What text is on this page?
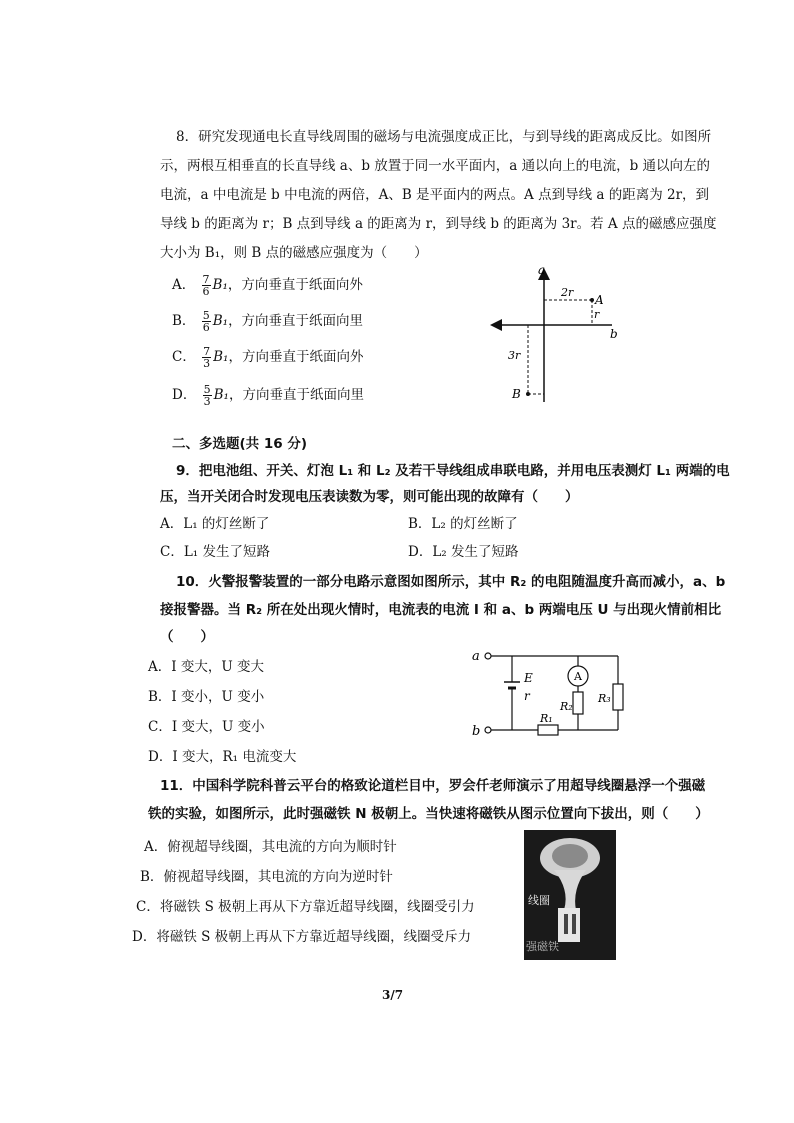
8．研究发现通电长直导线周围的磁场与电流强度成正比，与到导线的距离成反比。如图所
示，两根互相垂直的长直导线 a、b 放置于同一水平面内，a 通以向上的电流，b 通以向左的
电流，a 中电流是 b 中电流的两倍，A、B 是平面内的两点。A 点到导线 a 的距离为 2r，到
导线 b 的距离为 r；B 点到导线 a 的距离为 r，到导线 b 的距离为 3r。若 A 点的磁感应强度
大小为 B₁，则 B 点的磁感应强度为（　　）
A． $\frac{7}{6} B_1$，方向垂直于纸面向外
B． $\frac{5}{6} B_1$，方向垂直于纸面向里
C． $\frac{7}{3} B_1$，方向垂直于纸面向外
D． $\frac{5}{3} B_1$，方向垂直于纸面向里
a
b
A
B
2r
r
3r
二、多选题(共 16 分)
9．把电池组、开关、灯泡 L₁ 和 L₂ 及若干导线组成串联电路，并用电压表测灯 L₁ 两端的电
压，当开关闭合时发现电压表读数为零，则可能出现的故障有（　　）
A．L₁ 的灯丝断了	B．L₂ 的灯丝断了
C．L₁ 发生了短路	D．L₂ 发生了短路
10．火警报警装置的一部分电路示意图如图所示，其中 R₂ 的电阻随温度升高而减小，a、b
接报警器。当 R₂ 所在处出现火情时，电流表的电流 I 和 a、b 两端电压 U 与出现火情前相比
（　　）
A．I 变大，U 变大
B．I 变小，U 变小
C．I 变大，U 变小
D．I 变大，R₁ 电流变大
a
b
E
r
A
R₁
R₂
R₃
11．中国科学院科普云平台的格致论道栏目中，罗会仟老师演示了用超导线圈悬浮一个强磁
铁的实验，如图所示，此时强磁铁 N 极朝上。当快速将磁铁从图示位置向下拔出，则（　　）
A．俯视超导线圈，其电流的方向为顺时针
B．俯视超导线圈，其电流的方向为逆时针
C．将磁铁 S 极朝上再从下方靠近超导线圈，线圈受引力
D．将磁铁 S 极朝上再从下方靠近超导线圈，线圈受斥力
线圈
强磁铁
3/7
